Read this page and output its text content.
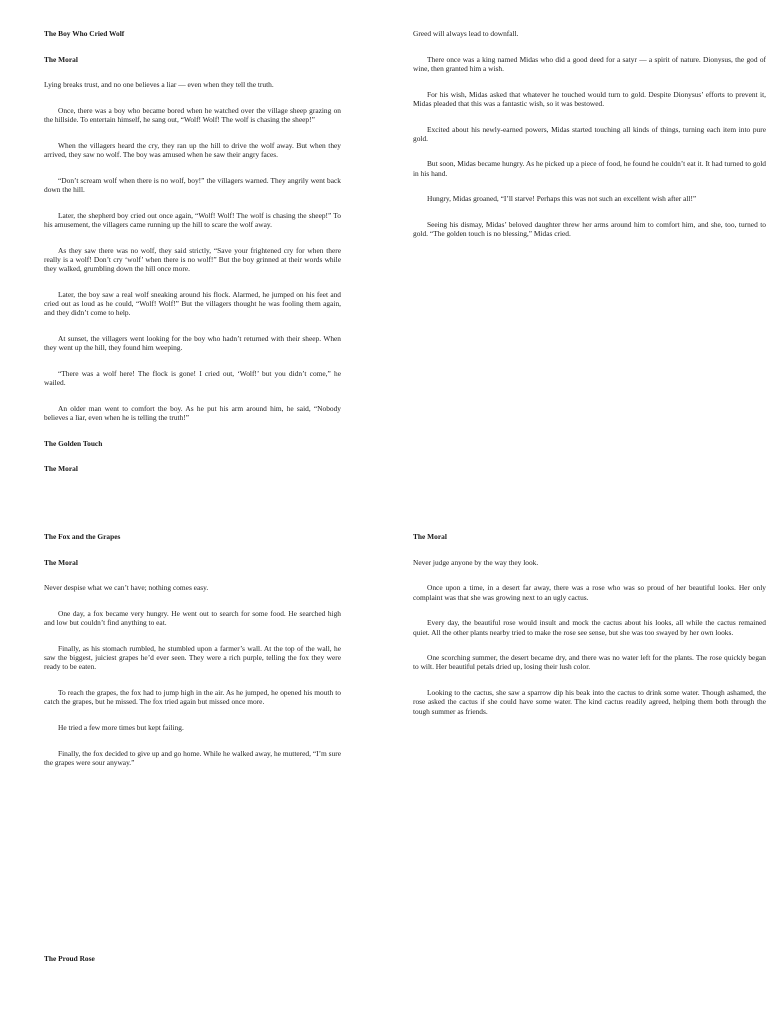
The Boy Who Cried Wolf

The Moral

Lying breaks trust, and no one believes a liar — even when they tell the truth.

Once, there was a boy who became bored when he watched over the village sheep grazing on the hillside. To entertain himself, he sang out, “Wolf! Wolf! The wolf is chasing the sheep!”

When the villagers heard the cry, they ran up the hill to drive the wolf away. But when they arrived, they saw no wolf. The boy was amused when he saw their angry faces.

“Don’t scream wolf when there is no wolf, boy!” the villagers warned. They angrily went back down the hill.

Later, the shepherd boy cried out once again, “Wolf! Wolf! The wolf is chasing the sheep!” To his amusement, the villagers came running up the hill to scare the wolf away.

As they saw there was no wolf, they said strictly, “Save your frightened cry for when there really is a wolf! Don’t cry ‘wolf’ when there is no wolf!” But the boy grinned at their words while they walked, grumbling down the hill once more.

Later, the boy saw a real wolf sneaking around his flock. Alarmed, he jumped on his feet and cried out as loud as he could, “Wolf! Wolf!” But the villagers thought he was fooling them again, and they didn’t come to help.

At sunset, the villagers went looking for the boy who hadn’t returned with their sheep. When they went up the hill, they found him weeping.

“There was a wolf here! The flock is gone! I cried out, ‘Wolf!’ but you didn’t come,” he wailed.

An older man went to comfort the boy. As he put his arm around him, he said, “Nobody believes a liar, even when he is telling the truth!”

The Golden Touch

The Moral

Greed will always lead to downfall.

There once was a king named Midas who did a good deed for a satyr — a spirit of nature. Dionysus, the god of wine, then granted him a wish.

For his wish, Midas asked that whatever he touched would turn to gold. Despite Dionysus’ efforts to prevent it, Midas pleaded that this was a fantastic wish, so it was bestowed.

Excited about his newly-earned powers, Midas started touching all kinds of things, turning each item into pure gold.

But soon, Midas became hungry. As he picked up a piece of food, he found he couldn’t eat it. It had turned to gold in his hand.

Hungry, Midas groaned, “I’ll starve! Perhaps this was not such an excellent wish after all!”

Seeing his dismay, Midas’ beloved daughter threw her arms around him to comfort him, and she, too, turned to gold. “The golden touch is no blessing,” Midas cried.

The Fox and the Grapes

The Moral

Never despise what we can’t have; nothing comes easy.

One day, a fox became very hungry. He went out to search for some food. He searched high and low but couldn’t find anything to eat.

Finally, as his stomach rumbled, he stumbled upon a farmer’s wall. At the top of the wall, he saw the biggest, juiciest grapes he’d ever seen. They were a rich purple, telling the fox they were ready to be eaten.

To reach the grapes, the fox had to jump high in the air. As he jumped, he opened his mouth to catch the grapes, but he missed. The fox tried again but missed once more.

He tried a few more times but kept failing.

Finally, the fox decided to give up and go home. While he walked away, he muttered, “I’m sure the grapes were sour anyway.”

The Moral

Never judge anyone by the way they look.

Once upon a time, in a desert far away, there was a rose who was so proud of her beautiful looks. Her only complaint was that she was growing next to an ugly cactus.

Every day, the beautiful rose would insult and mock the cactus about his looks, all while the cactus remained quiet. All the other plants nearby tried to make the rose see sense, but she was too swayed by her own looks.

One scorching summer, the desert became dry, and there was no water left for the plants. The rose quickly began to wilt. Her beautiful petals dried up, losing their lush color.

Looking to the cactus, she saw a sparrow dip his beak into the cactus to drink some water. Though ashamed, the rose asked the cactus if she could have some water. The kind cactus readily agreed, helping them both through the tough summer as friends.

The Proud Rose
